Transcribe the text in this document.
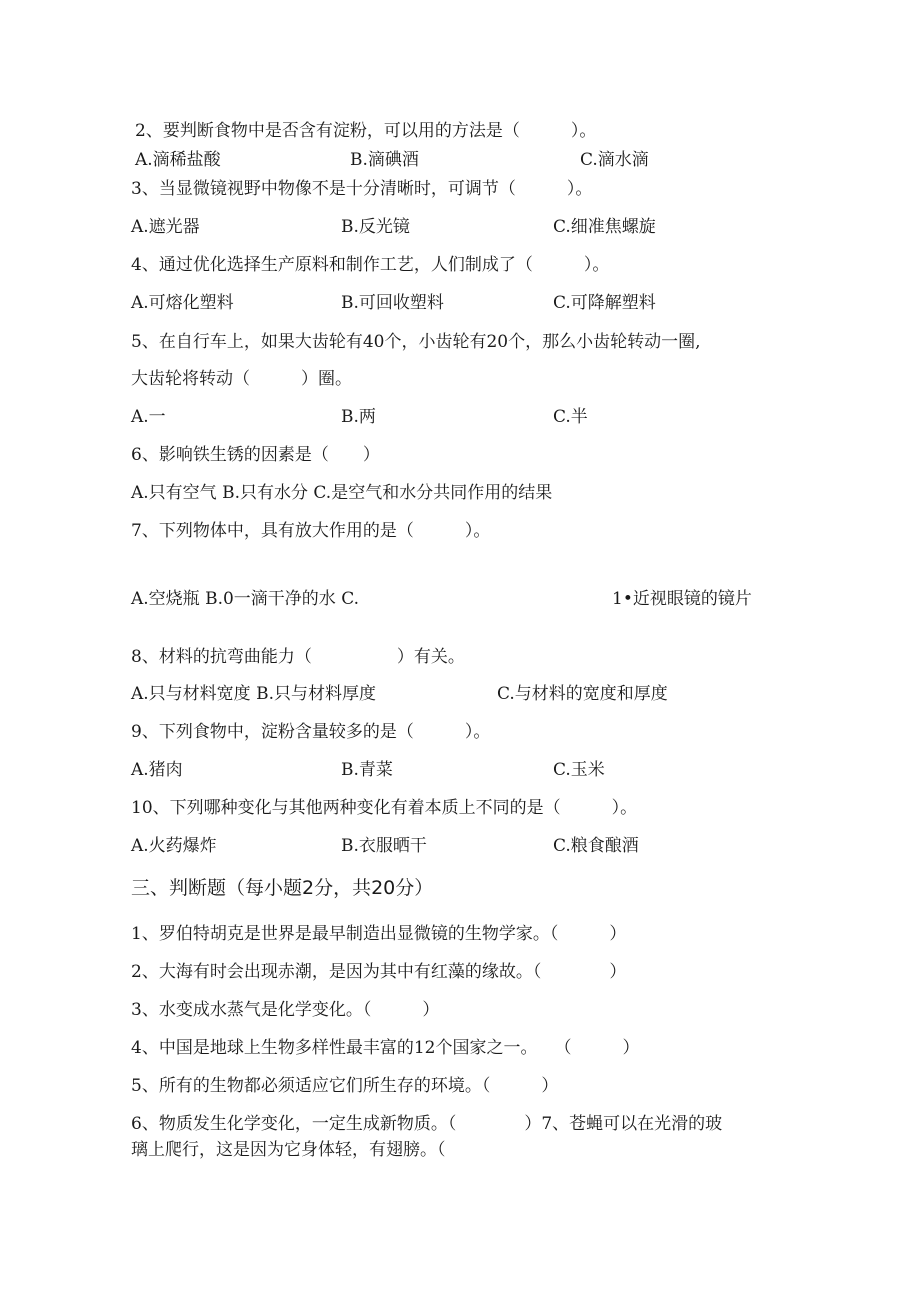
2、要判断食物中是否含有淀粉，可以用的方法是（　　　）。
A.滴稀盐酸	B.滴碘酒	C.滴水滴
3、当显微镜视野中物像不是十分清晰时，可调节（　　　）。
A.遮光器	B.反光镜	C.细准焦螺旋
4、通过优化选择生产原料和制作工艺，人们制成了（　　　）。
A.可熔化塑料	B.可回收塑料	C.可降解塑料
5、在自行车上，如果大齿轮有40个，小齿轮有20个，那么小齿轮转动一圈,
大齿轮将转动（　　　）圈。
A.一	B.两	C.半
6、影响铁生锈的因素是（　　）
A.只有空气 B.只有水分 C.是空气和水分共同作用的结果
7、下列物体中，具有放大作用的是（　　　）。
A.空烧瓶 B.0一滴干净的水 C.	1•近视眼镜的镜片
8、材料的抗弯曲能力（　　　　　）有关。
A.只与材料宽度 B.只与材料厚度	C.与材料的宽度和厚度
9、下列食物中，淀粉含量较多的是（　　　）。
A.猪肉	B.青菜	C.玉米
10、下列哪种变化与其他两种变化有着本质上不同的是（　　　）。
A.火药爆炸	B.衣服晒干	C.粮食酿酒
三、判断题（每小题2分，共20分）
1、罗伯特胡克是世界是最早制造出显微镜的生物学家。（　　　）
2、大海有时会出现赤潮，是因为其中有红藻的缘故。（　　　　）
3、水变成水蒸气是化学变化。（　　　）
4、中国是地球上生物多样性最丰富的12个国家之一。　　（　　　）
5、所有的生物都必须适应它们所生存的环境。（　　　）
6、物质发生化学变化，一定生成新物质。（　　　　）7、苍蝇可以在光滑的玻
璃上爬行，这是因为它身体轻，有翅膀。（
